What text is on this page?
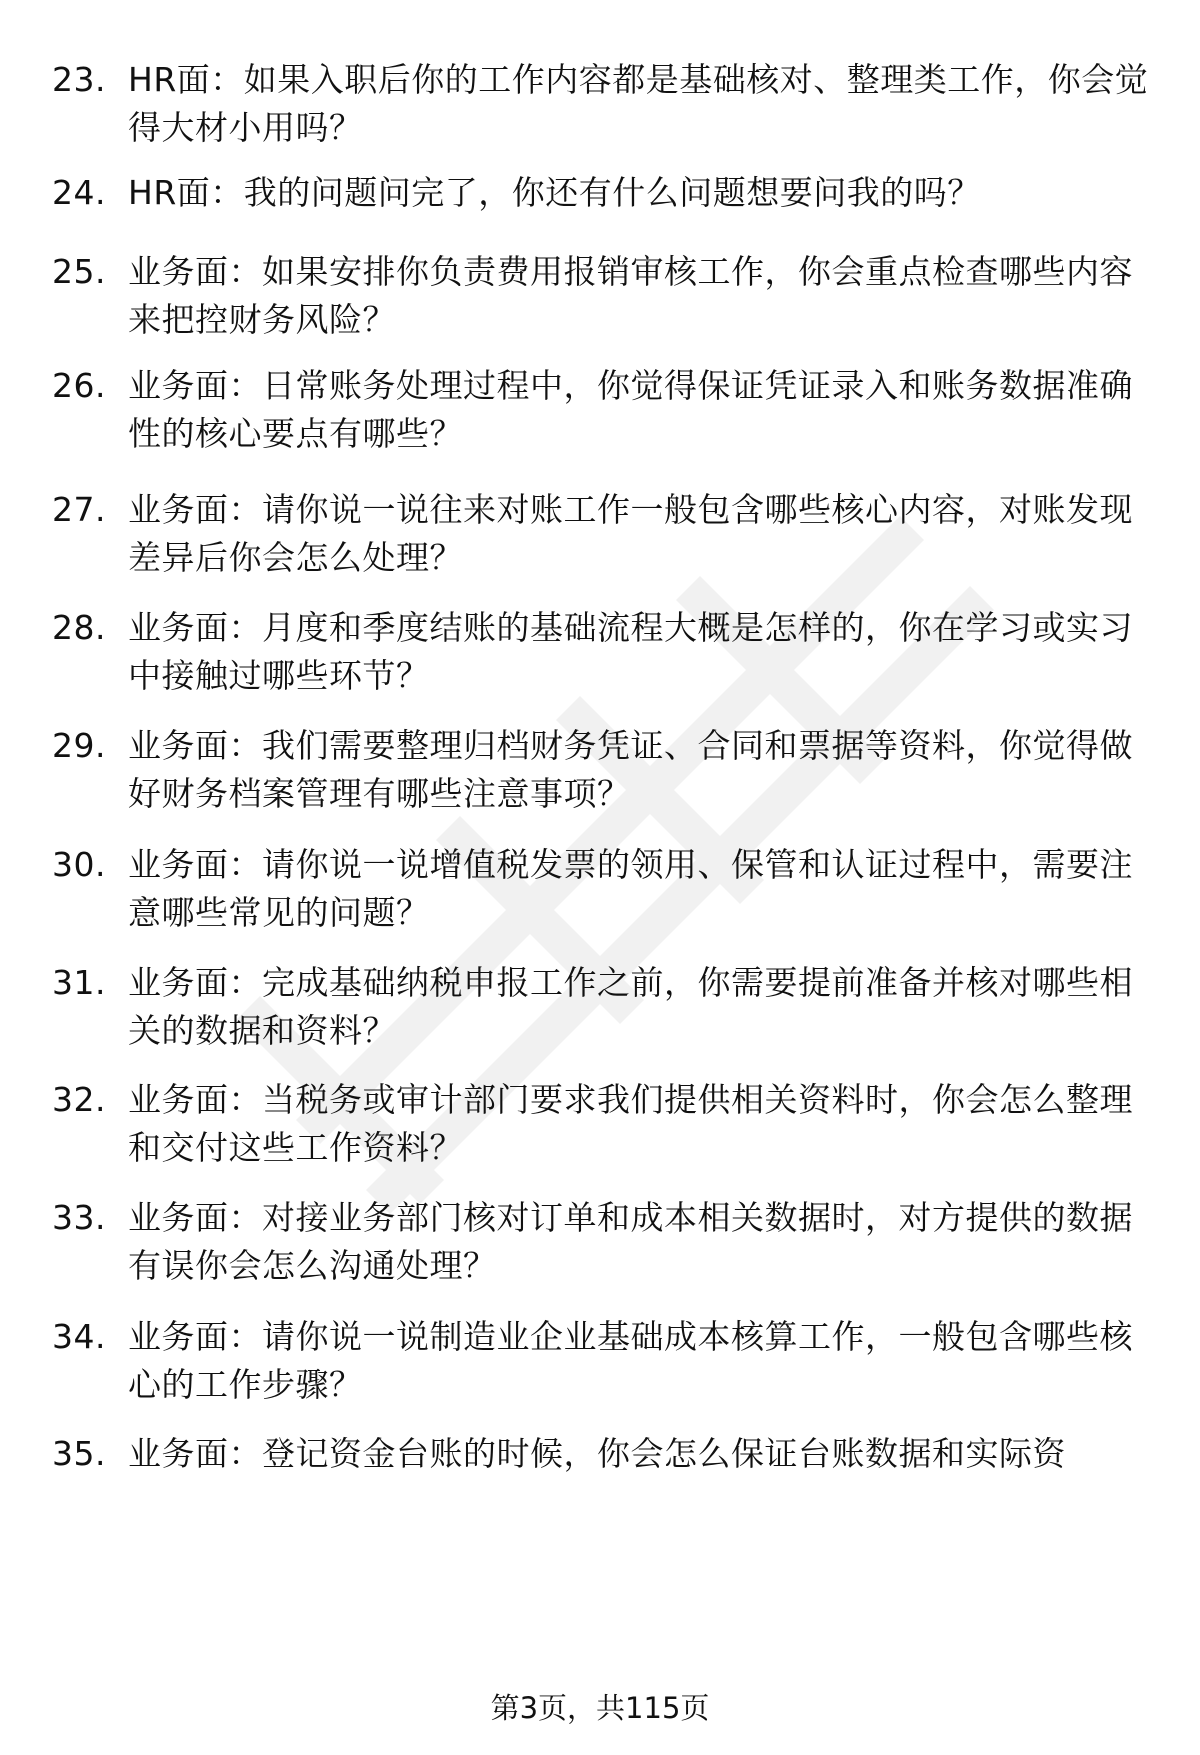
23. HR面：如果入职后你的工作内容都是基础核对、整理类工作，你会觉得大材小用吗？
24. HR面：我的问题问完了，你还有什么问题想要问我的吗？
25. 业务面：如果安排你负责费用报销审核工作，你会重点检查哪些内容来把控财务风险？
26. 业务面：日常账务处理过程中，你觉得保证凭证录入和账务数据准确性的核心要点有哪些？
27. 业务面：请你说一说往来对账工作一般包含哪些核心内容，对账发现差异后你会怎么处理？
28. 业务面：月度和季度结账的基础流程大概是怎样的，你在学习或实习中接触过哪些环节？
29. 业务面：我们需要整理归档财务凭证、合同和票据等资料，你觉得做好财务档案管理有哪些注意事项？
30. 业务面：请你说一说增值税发票的领用、保管和认证过程中，需要注意哪些常见的问题？
31. 业务面：完成基础纳税申报工作之前，你需要提前准备并核对哪些相关的数据和资料？
32. 业务面：当税务或审计部门要求我们提供相关资料时，你会怎么整理和交付这些工作资料？
33. 业务面：对接业务部门核对订单和成本相关数据时，对方提供的数据有误你会怎么沟通处理？
34. 业务面：请你说一说制造业企业基础成本核算工作，一般包含哪些核心的工作步骤？
35. 业务面：登记资金台账的时候，你会怎么保证台账数据和实际资
第3页，共115页
